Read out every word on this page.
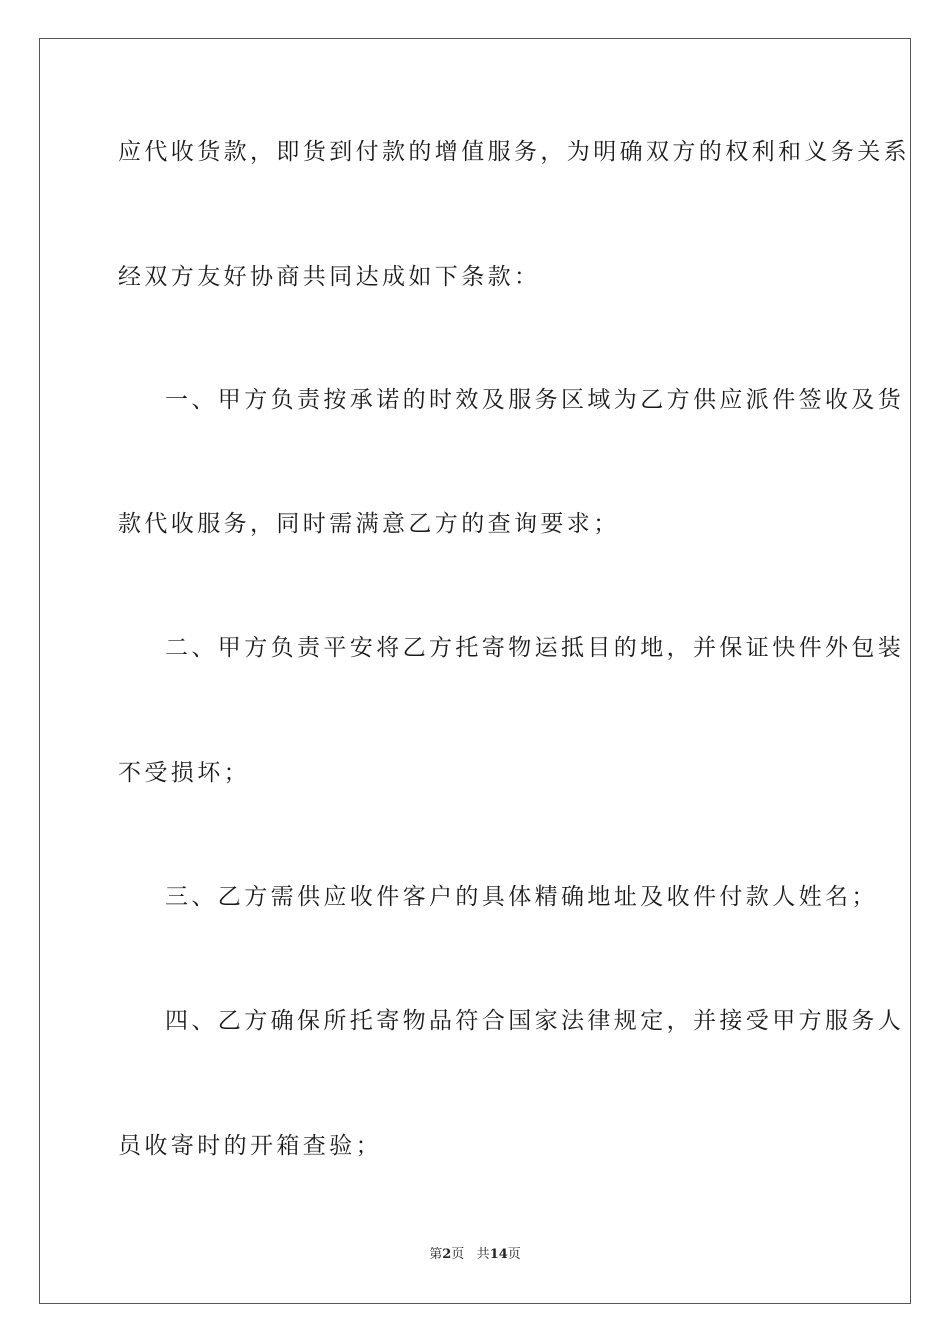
应代收货款，即货到付款的增值服务，为明确双方的权利和义务关系
经双方友好协商共同达成如下条款：
一、甲方负责按承诺的时效及服务区域为乙方供应派件签收及货
款代收服务，同时需满意乙方的查询要求；
二、甲方负责平安将乙方托寄物运抵目的地，并保证快件外包装
不受损坏；
三、乙方需供应收件客户的具体精确地址及收件付款人姓名；
四、乙方确保所托寄物品符合国家法律规定，并接受甲方服务人
员收寄时的开箱查验；
第2页 共14页
